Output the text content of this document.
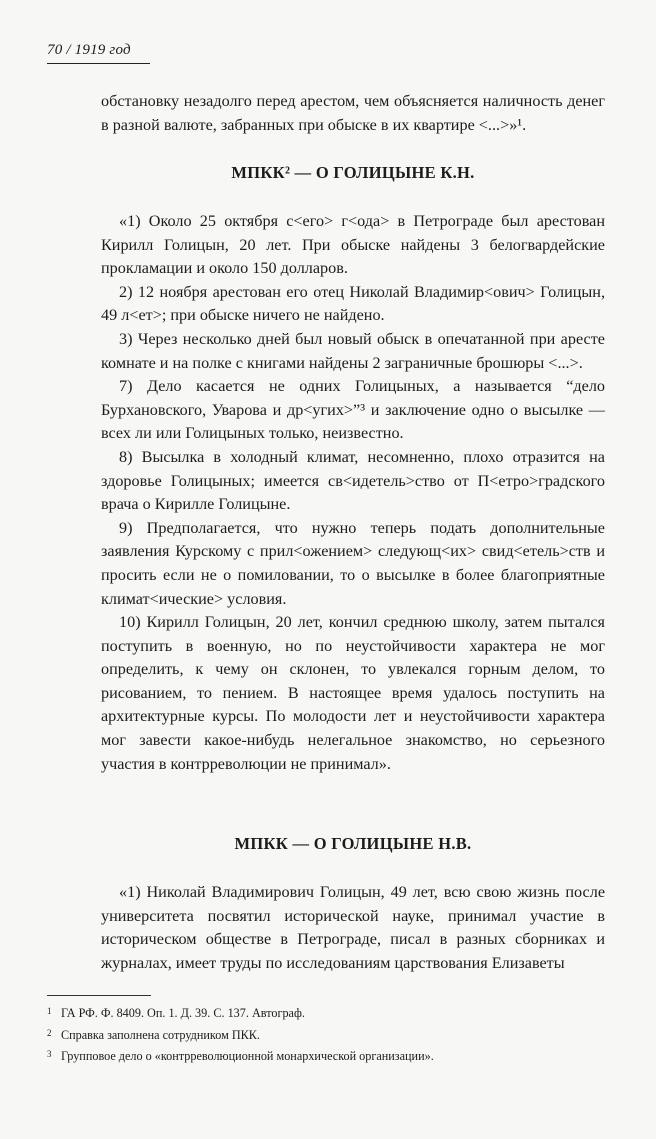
70 / 1919 год

обстановку незадолго перед арестом, чем объясняется наличность денег в разной валюте, забранных при обыске в их квартире <...>»¹.

МПКК² — О ГОЛИЦЫНЕ К.Н.

«1) Около 25 октября с<его> г<ода> в Петрограде был арестован Кирилл Голицын, 20 лет. При обыске найдены 3 белогвардейские прокламации и около 150 долларов.

2) 12 ноября арестован его отец Николай Владимир<ович> Голицын, 49 л<ет>; при обыске ничего не найдено.

3) Через несколько дней был новый обыск в опечатанной при аресте комнате и на полке с книгами найдены 2 заграничные брошюры <...>.

7) Дело касается не одних Голицыных, а называется “дело Бурхановского, Уварова и др<угих>”³ и заключение одно о высылке — всех ли или Голицыных только, неизвестно.

8) Высылка в холодный климат, несомненно, плохо отразится на здоровье Голицыных; имеется св<идетель>ство от П<етро>градского врача о Кирилле Голицыне.

9) Предполагается, что нужно теперь подать дополнительные заявления Курскому с прил<ожением> следующ<их> свид<етель>ств и просить если не о помиловании, то о высылке в более благоприятные климат<ические> условия.

10) Кирилл Голицын, 20 лет, кончил среднюю школу, затем пытался поступить в военную, но по неустойчивости характера не мог определить, к чему он склонен, то увлекался горным делом, то рисованием, то пением. В настоящее время удалось поступить на архитектурные курсы. По молодости лет и неустойчивости характера мог завести какое-нибудь нелегальное знакомство, но серьезного участия в контрреволюции не принимал».

МПКК — О ГОЛИЦЫНЕ Н.В.

«1) Николай Владимирович Голицын, 49 лет, всю свою жизнь после университета посвятил исторической науке, принимал участие в историческом обществе в Петрограде, писал в разных сборниках и журналах, имеет труды по исследованиям царствования Елизаветы

1 ГА РФ. Ф. 8409. Оп. 1. Д. 39. С. 137. Автограф.
2 Справка заполнена сотрудником ПКК.
3 Групповое дело о «контрреволюционной монархической организации».
